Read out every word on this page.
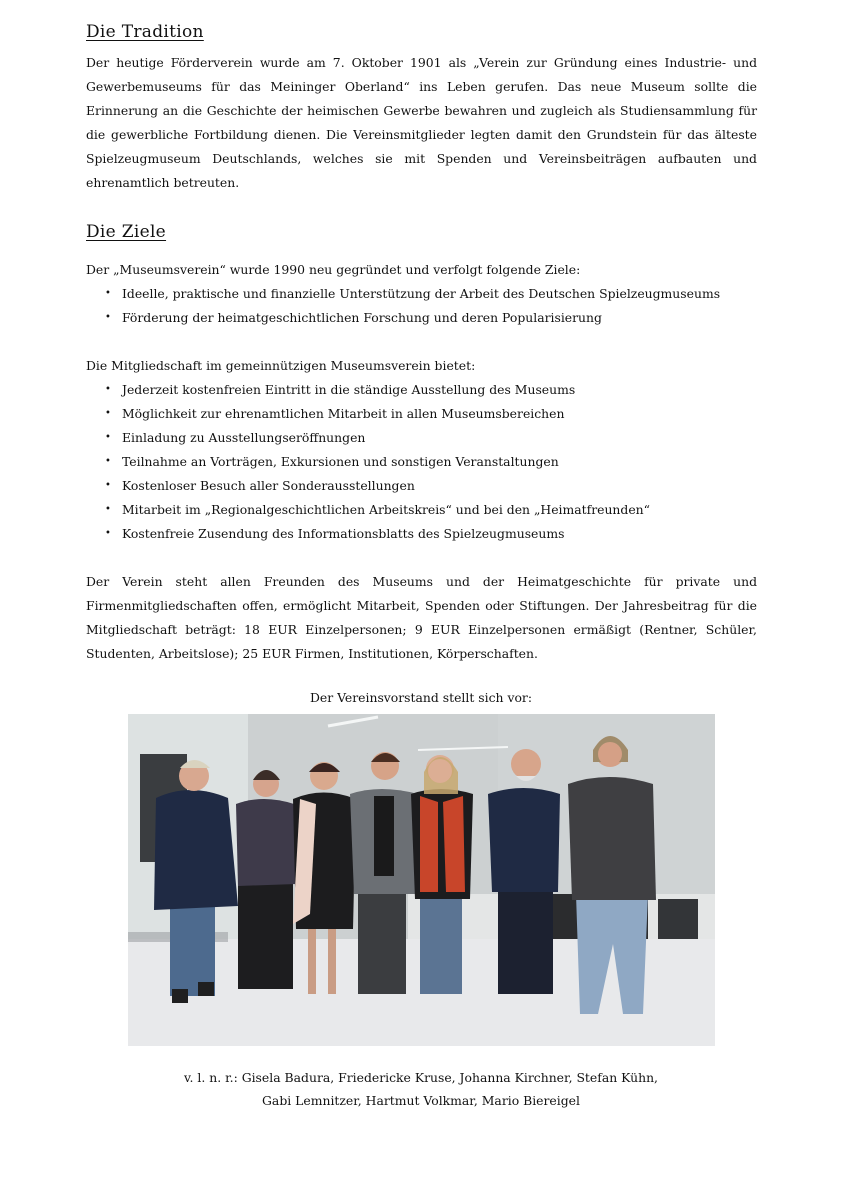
Die Tradition

Der heutige Förderverein wurde am 7. Oktober 1901 als „Verein zur Gründung eines Industrie- und Gewerbemuseums für das Meininger Oberland“ ins Leben gerufen. Das neue Museum sollte die Erinnerung an die Geschichte der heimischen Gewerbe bewahren und zugleich als Studiensammlung für die gewerbliche Fortbildung dienen. Die Vereinsmitglieder legten damit den Grundstein für das älteste Spielzeugmuseum Deutschlands, welches sie mit Spenden und Vereinsbeiträgen aufbauten und ehrenamtlich betreuten.

Die Ziele

Der „Museumsverein“ wurde 1990 neu gegründet und verfolgt folgende Ziele:

• Ideelle, praktische und finanzielle Unterstützung der Arbeit des Deutschen Spielzeugmuseums
• Förderung der heimatgeschichtlichen Forschung und deren Popularisierung

Die Mitgliedschaft im gemeinnützigen Museumsverein bietet:

• Jederzeit kostenfreien Eintritt in die ständige Ausstellung des Museums
• Möglichkeit zur ehrenamtlichen Mitarbeit in allen Museumsbereichen
• Einladung zu Ausstellungseröffnungen
• Teilnahme an Vorträgen, Exkursionen und sonstigen Veranstaltungen
• Kostenloser Besuch aller Sonderausstellungen
• Mitarbeit im „Regionalgeschichtlichen Arbeitskreis“ und bei den „Heimatfreunden“
• Kostenfreie Zusendung des Informationsblatts des Spielzeugmuseums

Der Verein steht allen Freunden des Museums und der Heimatgeschichte für private und Firmenmitgliedschaften offen, ermöglicht Mitarbeit, Spenden oder Stiftungen. Der Jahresbeitrag für die Mitgliedschaft beträgt: 18 EUR Einzelpersonen; 9 EUR Einzelpersonen ermäßigt (Rentner, Schüler, Studenten, Arbeitslose); 25 EUR Firmen, Institutionen, Körperschaften.

Der Vereinsvorstand stellt sich vor:
v. l. n. r.: Gisela Badura, Friedericke Kruse, Johanna Kirchner, Stefan Kühn,
Gabi Lemnitzer, Hartmut Volkmar, Mario Biereigel
